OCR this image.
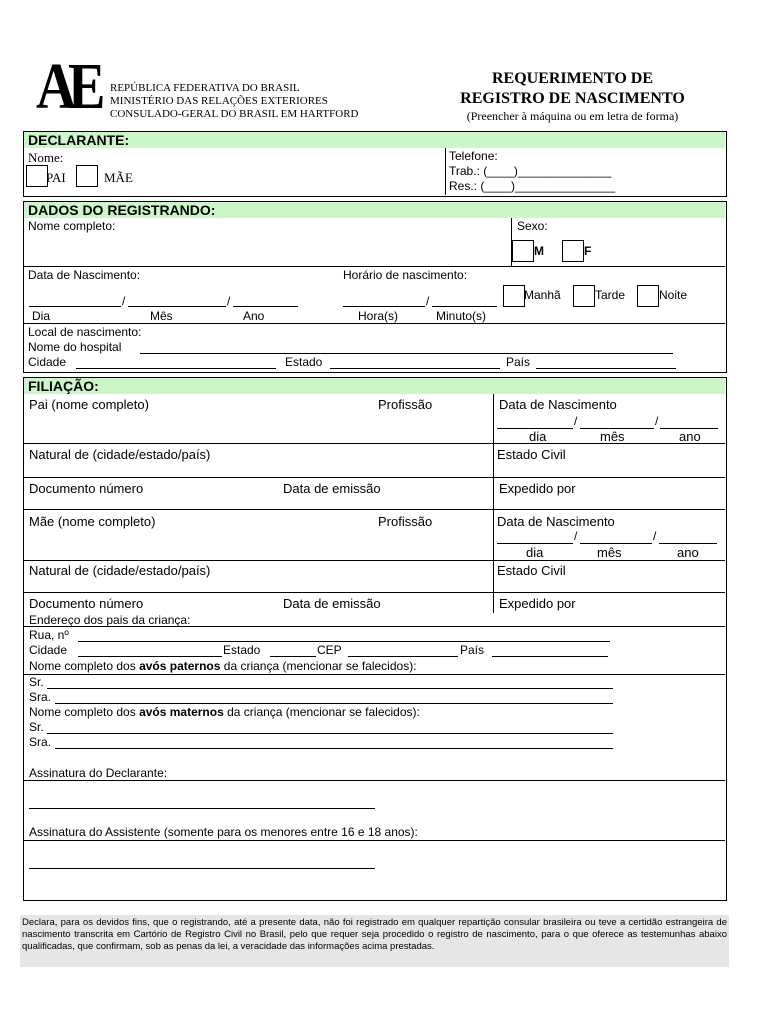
AE REPÚBLICA FEDERATIVA DO BRASIL
MINISTÉRIO DAS RELAÇÕES EXTERIORES
CONSULADO-GERAL DO BRASIL EM HARTFORD
REQUERIMENTO DE
REGISTRO DE NASCIMENTO
(Preencher à máquina ou em letra de forma)
DECLARANTE:
Nome:
PAI	MÃE
Telefone:
Trab.: (____)______________
Res.: (____)_______________
DADOS DO REGISTRANDO:
Nome completo:	Sexo:
M	F
Data de Nascimento:	Horário de nascimento:
/	/	/	Manhã	Tarde	Noite
Dia	Mês	Ano	Hora(s)	Minuto(s)
Local de nascimento:
Nome do hospital
Cidade	Estado	País
FILIAÇÃO:
Pai (nome completo)	Profissão	Data de Nascimento
/	/
dia	mês	ano
Natural de (cidade/estado/país)	Estado Civil
Documento número	Data de emissão	Expedido por
Mãe (nome completo)	Profissão	Data de Nascimento
/	/
dia	mês	ano
Natural de (cidade/estado/país)	Estado Civil
Documento número	Data de emissão	Expedido por
Endereço dos pais da criança:
Rua, nº
Cidade	Estado	CEP	País
Nome completo dos avós paternos da criança (mencionar se falecidos):
Sr.
Sra.
Nome completo dos avós maternos da criança (mencionar se falecidos):
Sr.
Sra.
Assinatura do Declarante:
Assinatura do Assistente (somente para os menores entre 16 e 18 anos):
Declara, para os devidos fins, que o registrando, até a presente data, não foi registrado em qualquer repartição consular brasileira ou teve a certidão estrangeira de nascimento transcrita em Cartório de Registro Civil no Brasil, pelo que requer seja procedido o registro de nascimento, para o que oferece as testemunhas abaixo qualificadas, que confirmam, sob as penas da lei, a veracidade das informações acima prestadas.
